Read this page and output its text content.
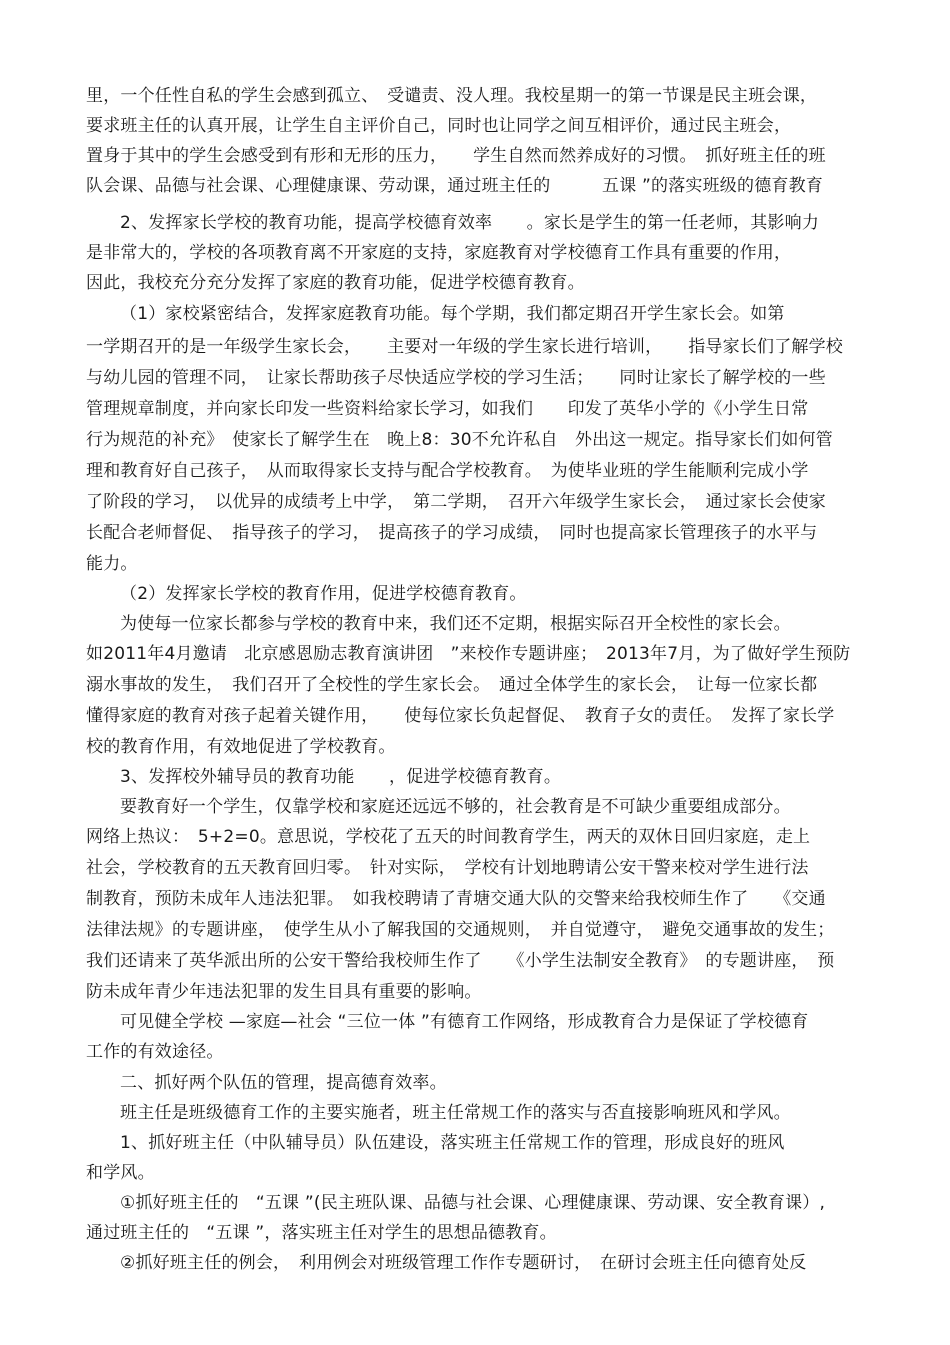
里，一个任性自私的学生会感到孤立、　受谴责、没人理。我校星期一的第一节课是民主班会课，
要求班主任的认真开展，让学生自主评价自己，同时也让同学之间互相评价，通过民主班会，
置身于其中的学生会感受到有形和无形的压力，　　学生自然而然养成好的习惯。　抓好班主任的班
队会课、品德与社会课、心理健康课、劳动课，通过班主任的　　　五课 ”的落实班级的德育教育
2、发挥家长学校的教育功能，提高学校德育效率　　。家长是学生的第一任老师，其影响力
是非常大的，学校的各项教育离不开家庭的支持，家庭教育对学校德育工作具有重要的作用，
因此，我校充分充分发挥了家庭的教育功能，促进学校德育教育。
（1）家校紧密结合，发挥家庭教育功能。每个学期，我们都定期召开学生家长会。如第
一学期召开的是一年级学生家长会，　　主要对一年级的学生家长进行培训，　　指导家长们了解学校
与幼儿园的管理不同，　让家长帮助孩子尽快适应学校的学习生活；　　同时让家长了解学校的一些
管理规章制度，并向家长印发一些资料给家长学习，如我们　　印发了英华小学的《小学生日常
行为规范的补充》　使家长了解学生在　晚上8：30不允许私自　外出这一规定。指导家长们如何管
理和教育好自己孩子，　从而取得家长支持与配合学校教育。　为使毕业班的学生能顺利完成小学
了阶段的学习，　以优异的成绩考上中学，　第二学期，　召开六年级学生家长会，　通过家长会使家
长配合老师督促、　指导孩子的学习，　提高孩子的学习成绩，　同时也提高家长管理孩子的水平与
能力。
（2）发挥家长学校的教育作用，促进学校德育教育。
为使每一位家长都参与学校的教育中来，我们还不定期，根据实际召开全校性的家长会。
如2011年4月邀请　北京感恩励志教育演讲团　”来校作专题讲座；　2013年7月，为了做好学生预防
溺水事故的发生，　我们召开了全校性的学生家长会。　通过全体学生的家长会，　让每一位家长都
懂得家庭的教育对孩子起着关键作用，　　使每位家长负起督促、　教育子女的责任。　发挥了家长学
校的教育作用，有效地促进了学校教育。
3、发挥校外辅导员的教育功能　　，促进学校德育教育。
要教育好一个学生，仅靠学校和家庭还远远不够的，社会教育是不可缺少重要组成部分。
网络上热议：　5+2=0。意思说，学校花了五天的时间教育学生，两天的双休日回归家庭，走上
社会，学校教育的五天教育回归零。　针对实际，　学校有计划地聘请公安干警来校对学生进行法
制教育，预防未成年人违法犯罪。　如我校聘请了青塘交通大队的交警来给我校师生作了　　《交通
法律法规》的专题讲座，　使学生从小了解我国的交通规则，　并自觉遵守，　避免交通事故的发生；
我们还请来了英华派出所的公安干警给我校师生作了　　《小学生法制安全教育》　的专题讲座，　预
防未成年青少年违法犯罪的发生目具有重要的影响。
可见健全学校 —家庭—社会 “三位一体 ”有德育工作网络，形成教育合力是保证了学校德育
工作的有效途径。
二、抓好两个队伍的管理，提高德育效率。
班主任是班级德育工作的主要实施者，班主任常规工作的落实与否直接影响班风和学风。
1、抓好班主任（中队辅导员）队伍建设，落实班主任常规工作的管理，形成良好的班风
和学风。
①抓好班主任的　“五课 ”(民主班队课、品德与社会课、心理健康课、劳动课、安全教育课）,
通过班主任的　“五课 ”，落实班主任对学生的思想品德教育。
②抓好班主任的例会，　利用例会对班级管理工作作专题研讨，　在研讨会班主任向德育处反
